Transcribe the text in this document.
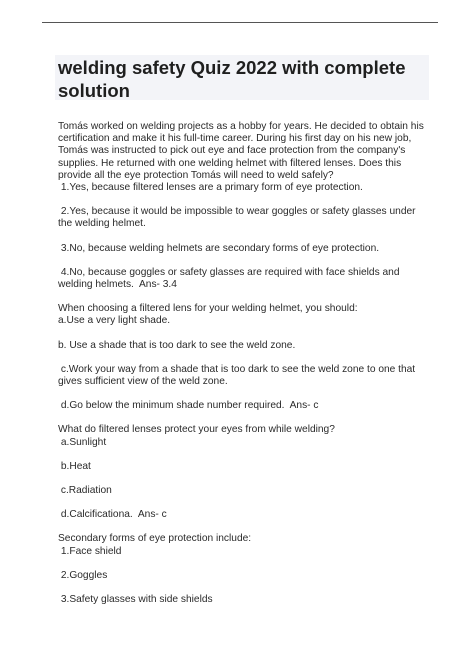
welding safety Quiz 2022 with complete
solution

Tomás worked on welding projects as a hobby for years. He decided to obtain his certification and make it his full-time career. During his first day on his new job, Tomás was instructed to pick out eye and face protection from the company's supplies. He returned with one welding helmet with filtered lenses. Does this provide all the eye protection Tomás will need to weld safely?

1.Yes, because filtered lenses are a primary form of eye protection.

2.Yes, because it would be impossible to wear goggles or safety glasses under the welding helmet.

3.No, because welding helmets are secondary forms of eye protection.

4.No, because goggles or safety glasses are required with face shields and welding helmets.  Ans- 3.4

When choosing a filtered lens for your welding helmet, you should:

a.Use a very light shade.

b. Use a shade that is too dark to see the weld zone.

c.Work your way from a shade that is too dark to see the weld zone to one that gives sufficient view of the weld zone.

d.Go below the minimum shade number required.  Ans- c

What do filtered lenses protect your eyes from while welding?

a.Sunlight

b.Heat

c.Radiation

d.Calcificationa.  Ans- c

Secondary forms of eye protection include:

1.Face shield

2.Goggles

3.Safety glasses with side shields
